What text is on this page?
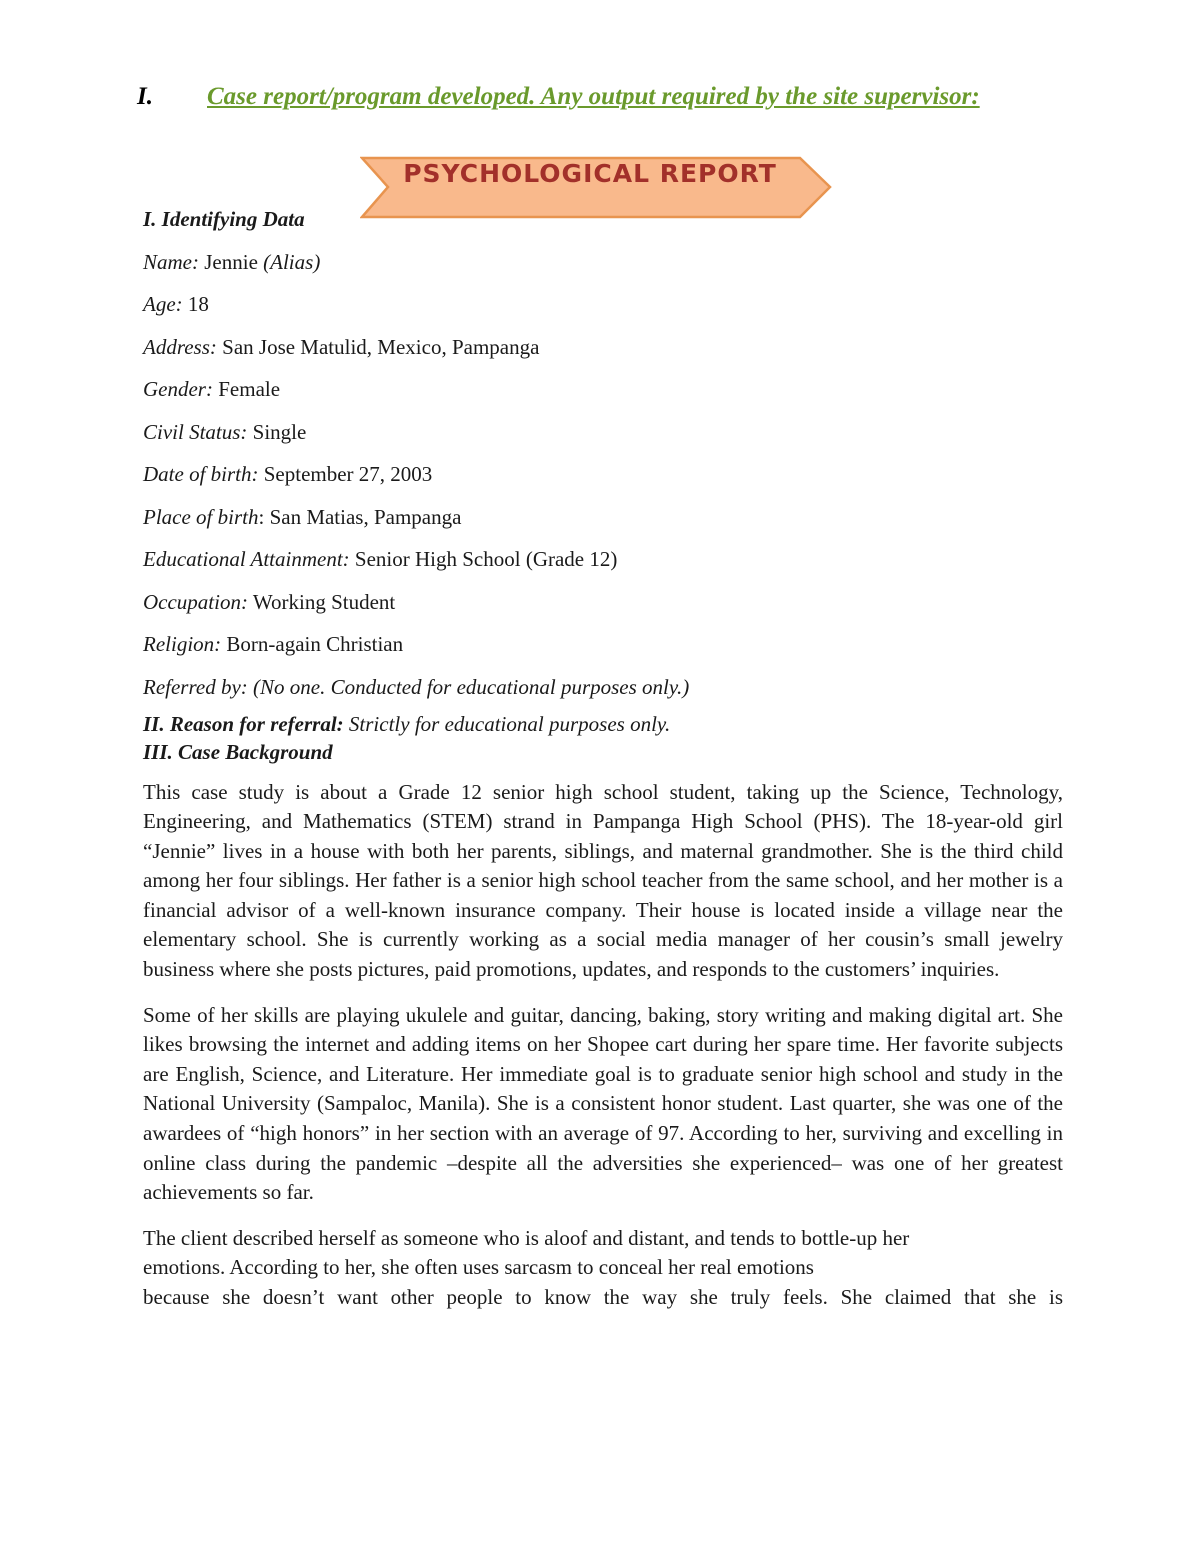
I. Case report/program developed. Any output required by the site supervisor:
PSYCHOLOGICAL REPORT

I. Identifying Data

Name: Jennie (Alias)

Age: 18

Address: San Jose Matulid, Mexico, Pampanga

Gender: Female

Civil Status: Single

Date of birth: September 27, 2003

Place of birth: San Matias, Pampanga

Educational Attainment: Senior High School (Grade 12)

Occupation: Working Student

Religion: Born-again Christian

Referred by: (No one. Conducted for educational purposes only.)

II. Reason for referral: Strictly for educational purposes only.

III. Case Background

This case study is about a Grade 12 senior high school student, taking up the Science, Technology, Engineering, and Mathematics (STEM) strand in Pampanga High School (PHS). The 18-year-old girl “Jennie” lives in a house with both her parents, siblings, and maternal grandmother. She is the third child among her four siblings. Her father is a senior high school teacher from the same school, and her mother is a financial advisor of a well-known insurance company. Their house is located inside a village near the elementary school. She is currently working as a social media manager of her cousin’s small jewelry business where she posts pictures, paid promotions, updates, and responds to the customers’ inquiries.

Some of her skills are playing ukulele and guitar, dancing, baking, story writing and making digital art. She likes browsing the internet and adding items on her Shopee cart during her spare time. Her favorite subjects are English, Science, and Literature. Her immediate goal is to graduate senior high school and study in the National University (Sampaloc, Manila). She is a consistent honor student. Last quarter, she was one of the awardees of “high honors” in her section with an average of 97. According to her, surviving and excelling in online class during the pandemic –despite all the adversities she experienced– was one of her greatest achievements so far.

The client described herself as someone who is aloof and distant, and tends to bottle-up her

emotions. According to her, she often uses sarcasm to conceal her real emotions

because she doesn’t want other people to know the way she truly feels. She claimed that she is
